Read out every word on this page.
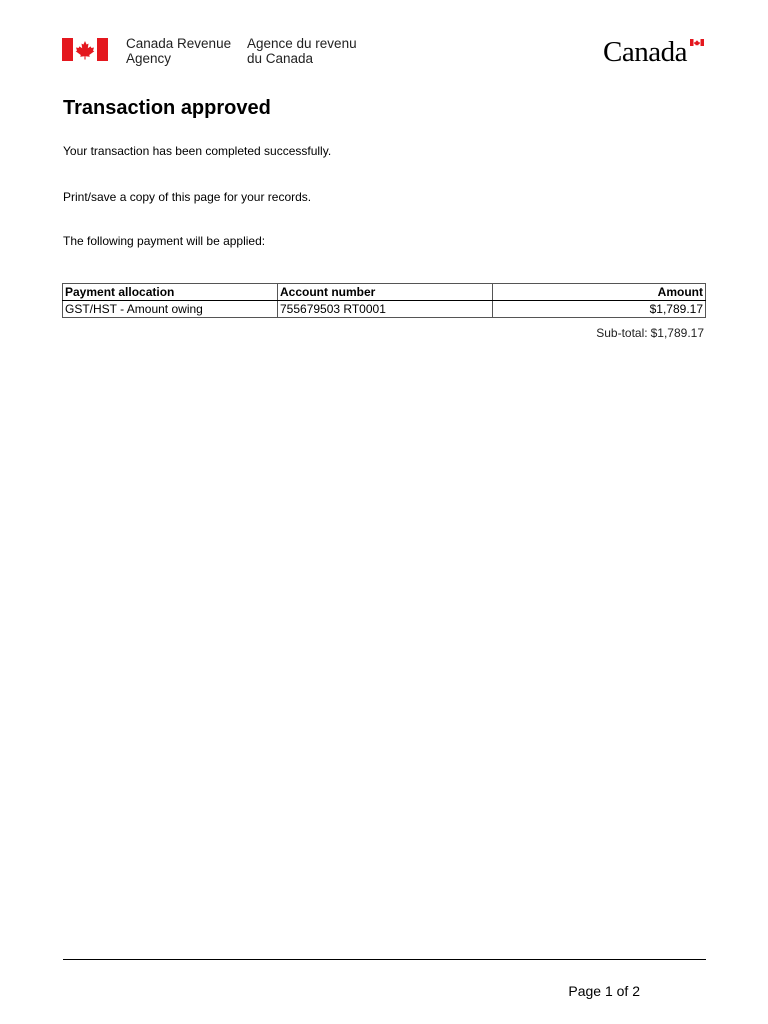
Canada Revenue
Agency
Agence du revenu
du Canada	Canada
Transaction approved

Your transaction has been completed successfully.

Print/save a copy of this page for your records.

The following payment will be applied:

Payment allocation	Account number	Amount
GST/HST - Amount owing	755679503 RT0001	$1,789.17
Sub-total: $1,789.17
Page 1 of 2
